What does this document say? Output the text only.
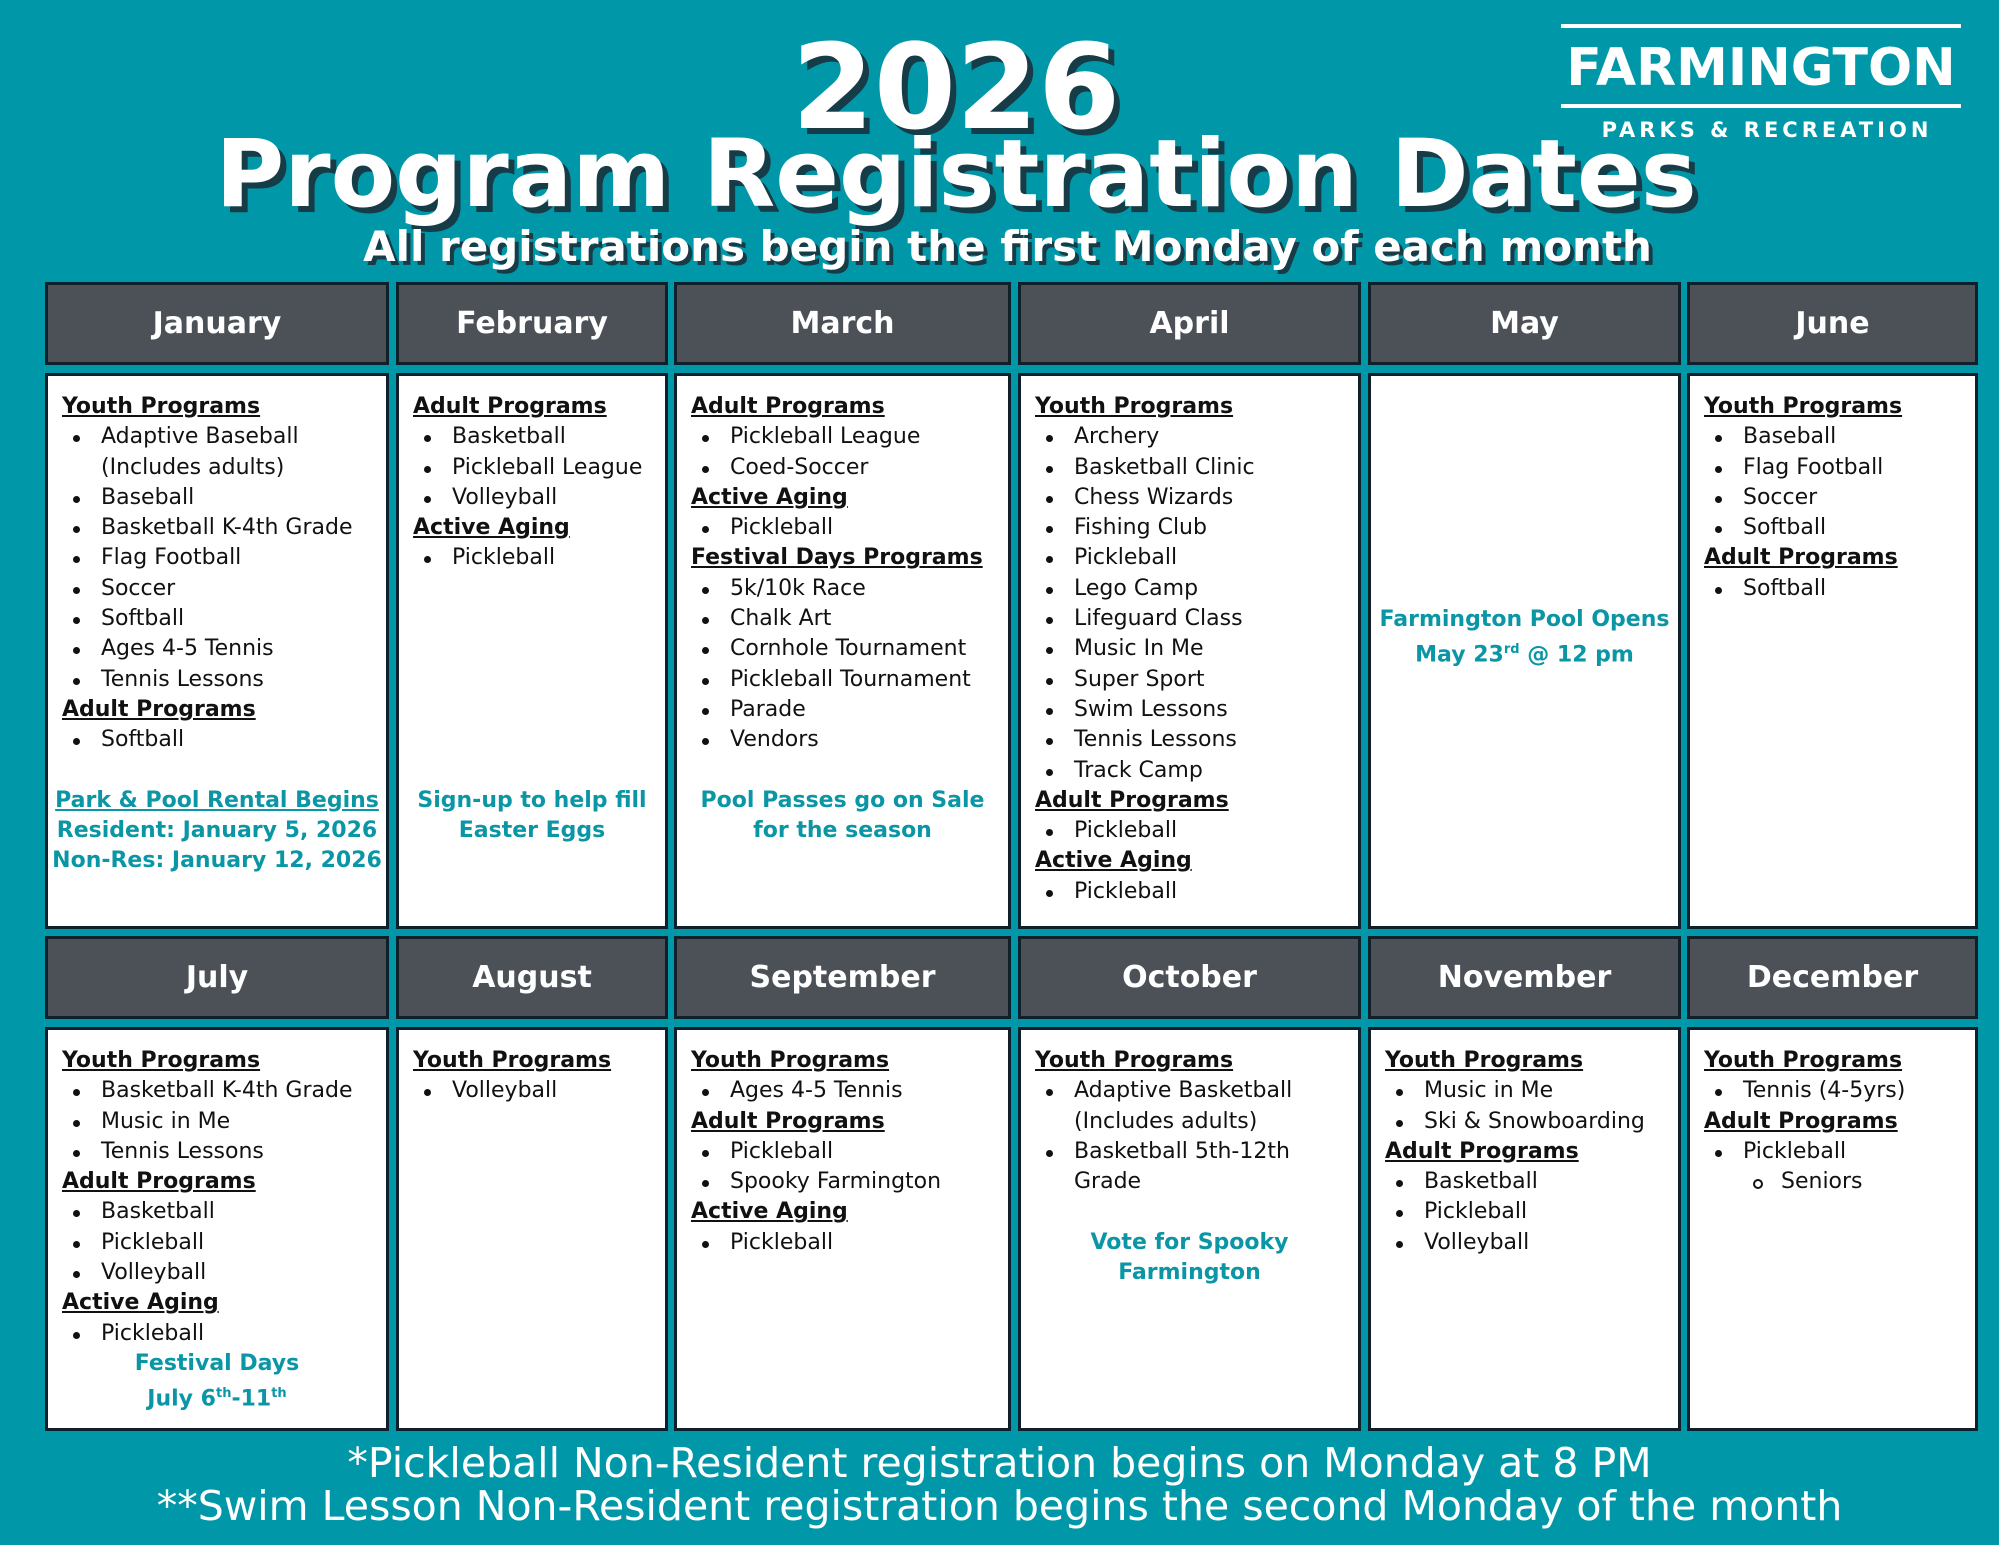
2026
Program Registration Dates
All registrations begin the first Monday of each month
FARMINGTON
PARKS & RECREATION
January	February	March	April	May	June
Youth Programs
Adaptive Baseball
(Includes adults)
Baseball
Basketball K-4th Grade
Flag Football
Soccer
Softball
Ages 4-5 Tennis
Tennis Lessons
Adult Programs
Softball
Park & Pool Rental Begins
Resident: January 5, 2026
Non-Res: January 12, 2026
Adult Programs
Basketball
Pickleball League
Volleyball
Active Aging
Pickleball
Sign-up to help fill
Easter Eggs
Adult Programs
Pickleball League
Coed-Soccer
Active Aging
Pickleball
Festival Days Programs
5k/10k Race
Chalk Art
Cornhole Tournament
Pickleball Tournament
Parade
Vendors
Pool Passes go on Sale
for the season
Youth Programs
Archery
Basketball Clinic
Chess Wizards
Fishing Club
Pickleball
Lego Camp
Lifeguard Class
Music In Me
Super Sport
Swim Lessons
Tennis Lessons
Track Camp
Adult Programs
Pickleball
Active Aging
Pickleball
Farmington Pool Opens
May 23rd @ 12 pm
Youth Programs
Baseball
Flag Football
Soccer
Softball
Adult Programs
Softball
July	August	September	October	November	December
Youth Programs
Basketball K-4th Grade
Music in Me
Tennis Lessons
Adult Programs
Basketball
Pickleball
Volleyball
Active Aging
Pickleball
Festival Days
July 6th-11th
Youth Programs
Volleyball
Youth Programs
Ages 4-5 Tennis
Adult Programs
Pickleball
Spooky Farmington
Active Aging
Pickleball
Youth Programs
Adaptive Basketball
(Includes adults)
Basketball 5th-12th
Grade
Vote for Spooky
Farmington
Youth Programs
Music in Me
Ski & Snowboarding
Adult Programs
Basketball
Pickleball
Volleyball
Youth Programs
Tennis (4-5yrs)
Adult Programs
Pickleball
Seniors
*Pickleball Non-Resident registration begins on Monday at 8 PM
**Swim Lesson Non-Resident registration begins the second Monday of the month
